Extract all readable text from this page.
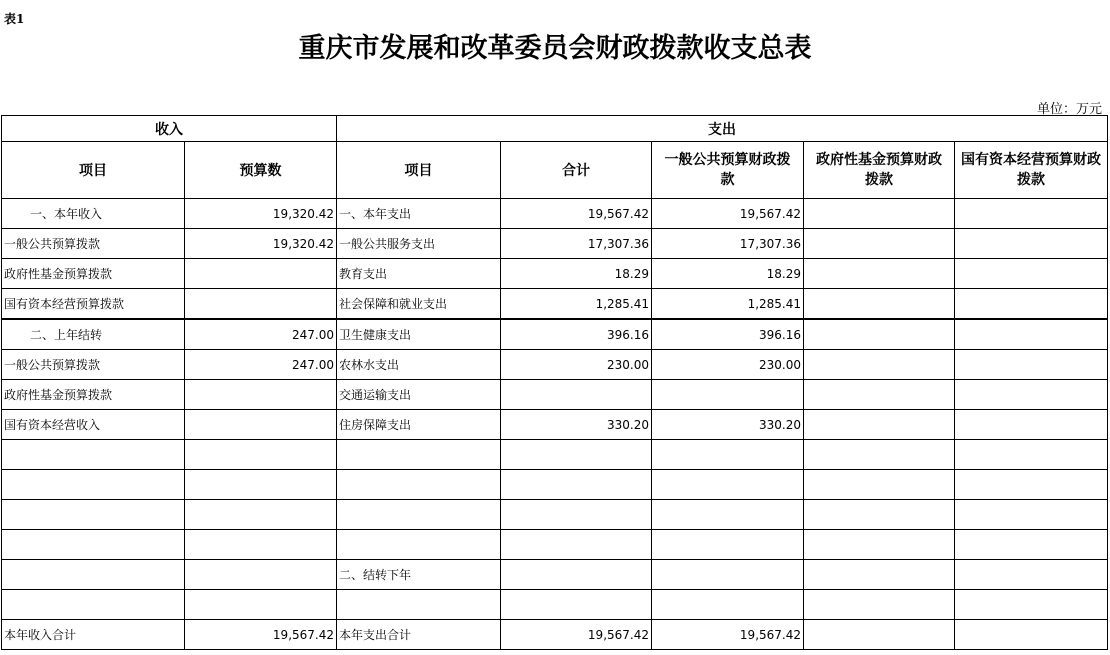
表1
重庆市发展和改革委员会财政拨款收支总表
单位：万元
收入		支出				
项目	预算数	项目	合计	一般公共预算财政拨款	政府性基金预算财政拨款	国有资本经营预算财政拨款
一、本年收入	19,320.42	一、本年支出	19,567.42	19,567.42		
一般公共预算拨款	19,320.42	一般公共服务支出	17,307.36	17,307.36		
政府性基金预算拨款		教育支出	18.29	18.29		
国有资本经营预算拨款		社会保障和就业支出	1,285.41	1,285.41		
二、上年结转	247.00	卫生健康支出	396.16	396.16		
一般公共预算拨款	247.00	农林水支出	230.00	230.00		
政府性基金预算拨款		交通运输支出				
国有资本经营收入		住房保障支出	330.20	330.20		

		二、结转下年				

本年收入合计	19,567.42	本年支出合计	19,567.42	19,567.42		
